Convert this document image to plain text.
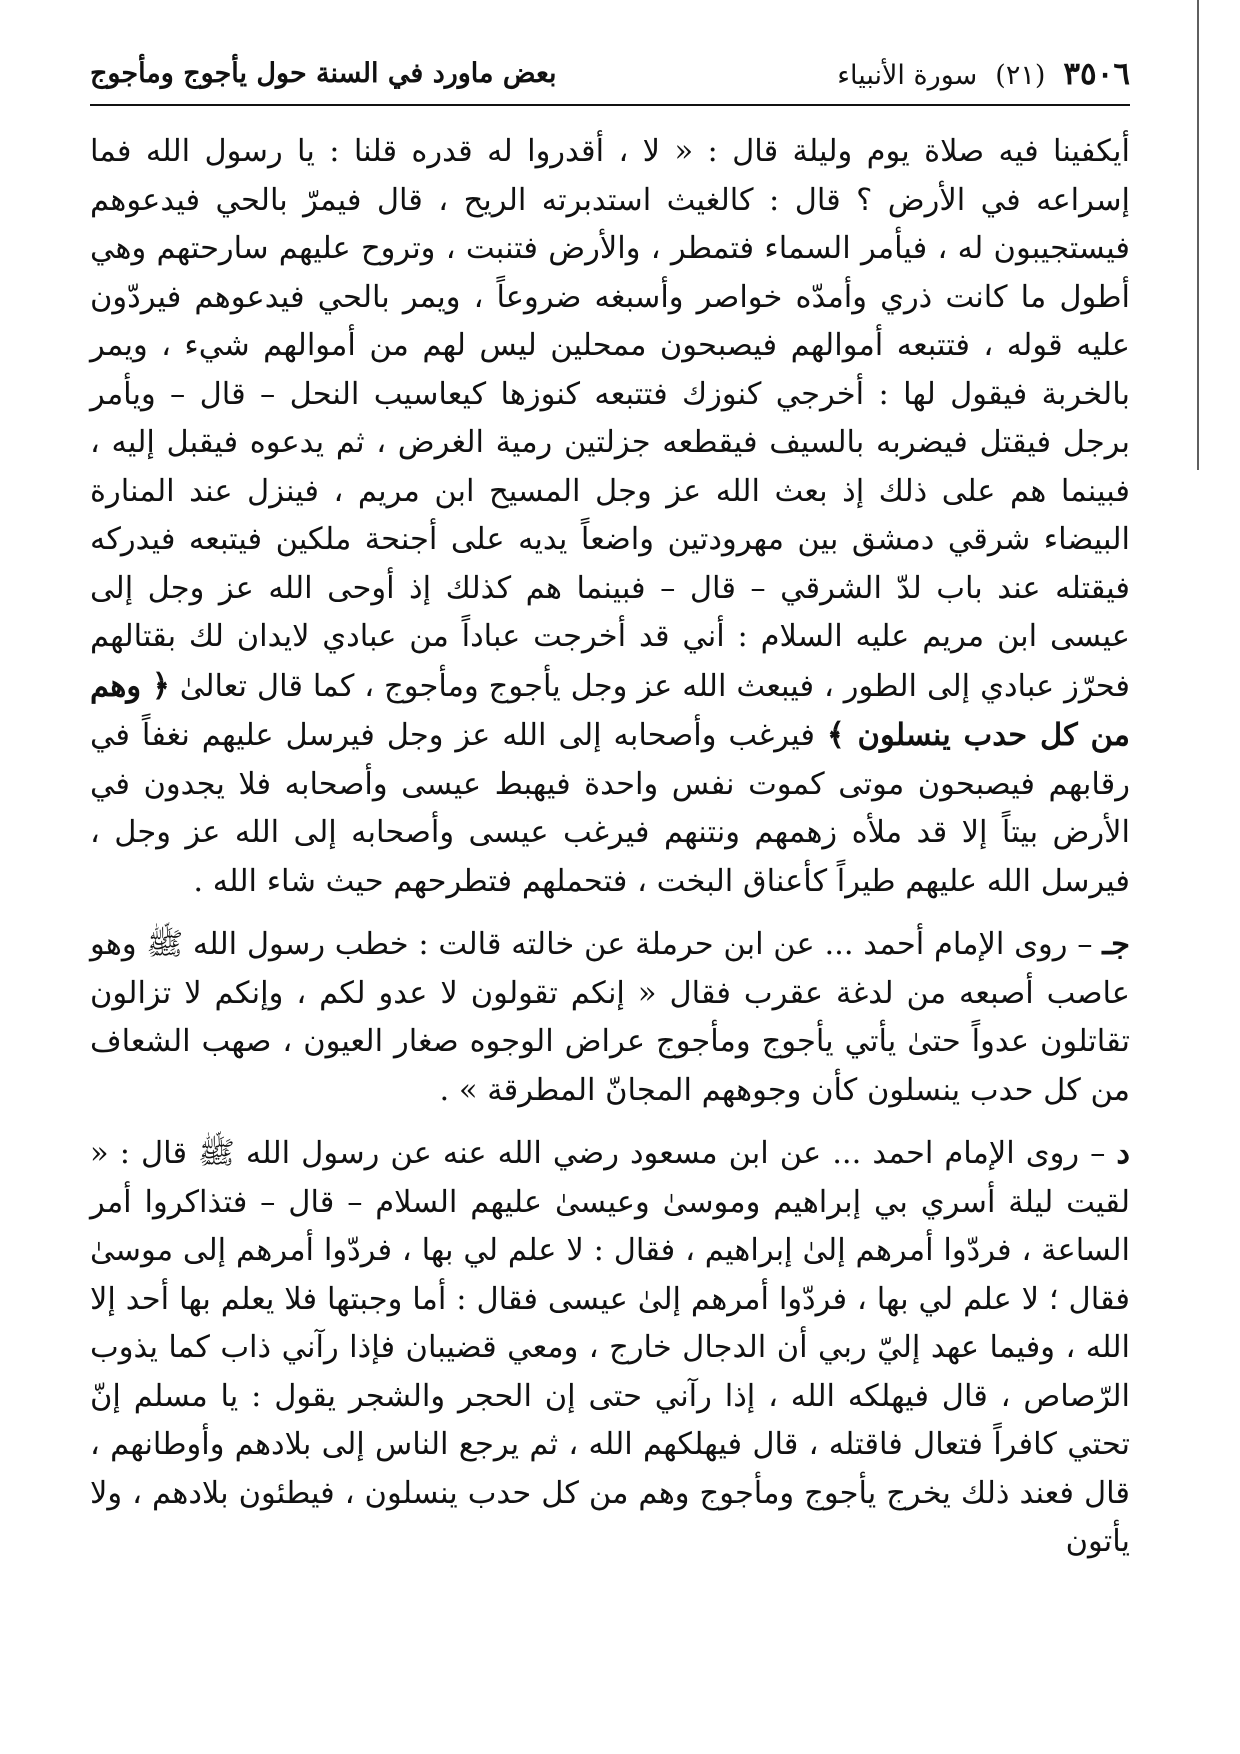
٣٥٠٦
(٢١)
سورة الأنبياء
بعض ماورد في السنة حول يأجوج ومأجوج

أيكفينا فيه صلاة يوم وليلة قال : « لا ، أقدروا له قدره قلنا : يا رسول الله فما إسراعه في الأرض ؟ قال : كالغيث استدبرته الريح ، قال فيمرّ بالحي فيدعوهم فيستجيبون له ، فيأمر السماء فتمطر ، والأرض فتنبت ، وتروح عليهم سارحتهم وهي أطول ما كانت ذري وأمدّه خواصر وأسبغه ضروعاً ، ويمر بالحي فيدعوهم فيردّون عليه قوله ، فتتبعه أموالهم فيصبحون ممحلين ليس لهم من أموالهم شيء ، ويمر بالخربة فيقول لها : أخرجي كنوزك فتتبعه كنوزها كيعاسيب النحل – قال – ويأمر برجل فيقتل فيضربه بالسيف فيقطعه جزلتين رمية الغرض ، ثم يدعوه فيقبل إليه ، فبينما هم على ذلك إذ بعث الله عز وجل المسيح ابن مريم ، فينزل عند المنارة البيضاء شرقي دمشق بين مهرودتين واضعاً يديه على أجنحة ملكين فيتبعه فيدركه فيقتله عند باب لدّ الشرقي – قال – فبينما هم كذلك إذ أوحى الله عز وجل إلى عيسى ابن مريم عليه السلام : أني قد أخرجت عباداً من عبادي لايدان لك بقتالهم فحرّز عبادي إلى الطور ، فيبعث الله عز وجل يأجوج ومأجوج ، كما قال تعالىٰ ﴿ وهم من كل حدب ينسلون ﴾ فيرغب وأصحابه إلى الله عز وجل فيرسل عليهم نغفاً في رقابهم فيصبحون موتى كموت نفس واحدة فيهبط عيسى وأصحابه فلا يجدون في الأرض بيتاً إلا قد ملأه زهمهم ونتنهم فيرغب عيسى وأصحابه إلى الله عز وجل ، فيرسل الله عليهم طيراً كأعناق البخت ، فتحملهم فتطرحهم حيث شاء الله .

جـ – روى الإمام أحمد ... عن ابن حرملة عن خالته قالت : خطب رسول الله ﷺ وهو عاصب أصبعه من لدغة عقرب فقال « إنكم تقولون لا عدو لكم ، وإنكم لا تزالون تقاتلون عدواً حتىٰ يأتي يأجوج ومأجوج عراض الوجوه صغار العيون ، صهب الشعاف من كل حدب ينسلون كأن وجوههم المجانّ المطرقة » .

د – روى الإمام احمد ... عن ابن مسعود رضي الله عنه عن رسول الله ﷺ قال : « لقيت ليلة أسري بي إبراهيم وموسىٰ وعيسىٰ عليهم السلام – قال – فتذاكروا أمر الساعة ، فردّوا أمرهم إلىٰ إبراهيم ، فقال : لا علم لي بها ، فردّوا أمرهم إلى موسىٰ فقال ؛ لا علم لي بها ، فردّوا أمرهم إلىٰ عيسى فقال : أما وجبتها فلا يعلم بها أحد إلا الله ، وفيما عهد إليّ ربي أن الدجال خارج ، ومعي قضيبان فإذا رآني ذاب كما يذوب الرّصاص ، قال فيهلكه الله ، إذا رآني حتى إن الحجر والشجر يقول : يا مسلم إنّ تحتي كافراً فتعال فاقتله ، قال فيهلكهم الله ، ثم يرجع الناس إلى بلادهم وأوطانهم ، قال فعند ذلك يخرج يأجوج ومأجوج وهم من كل حدب ينسلون ، فيطئون بلادهم ، ولا يأتون
